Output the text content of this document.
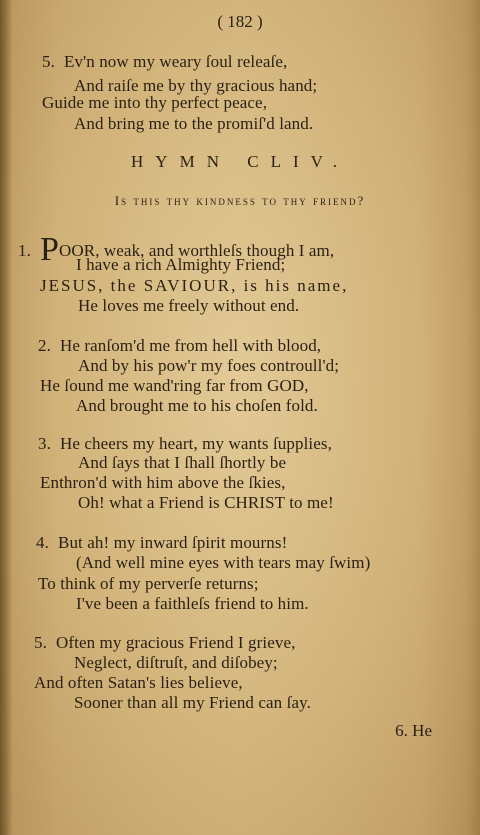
( 182 )
5. Ev'n now my weary ſoul releaſe,
And raiſe me by thy gracious hand;
Guide me into thy perfect peace,
And bring me to the promiſ'd land.
HYMN CLIV.
Is this thy kindness to thy friend?
1. POOR, weak, and worthleſs though I am,
I have a rich Almighty Friend;
JESUS, the SAVIOUR, is his name,
He loves me freely without end.
2. He ranſom'd me from hell with blood,
And by his pow'r my foes controull'd;
He ſound me wand'ring far from GOD,
And brought me to his choſen fold.
3. He cheers my heart, my wants ſupplies,
And ſays that I ſhall ſhortly be
Enthron'd with him above the ſkies,
Oh! what a Friend is CHRIST to me!
4. But ah! my inward ſpirit mourns!
(And well mine eyes with tears may ſwim)
To think of my perverſe returns;
I've been a faithleſs friend to him.
5. Often my gracious Friend I grieve,
Neglect, diſtruſt, and diſobey;
And often Satan's lies believe,
Sooner than all my Friend can ſay.
6. He
